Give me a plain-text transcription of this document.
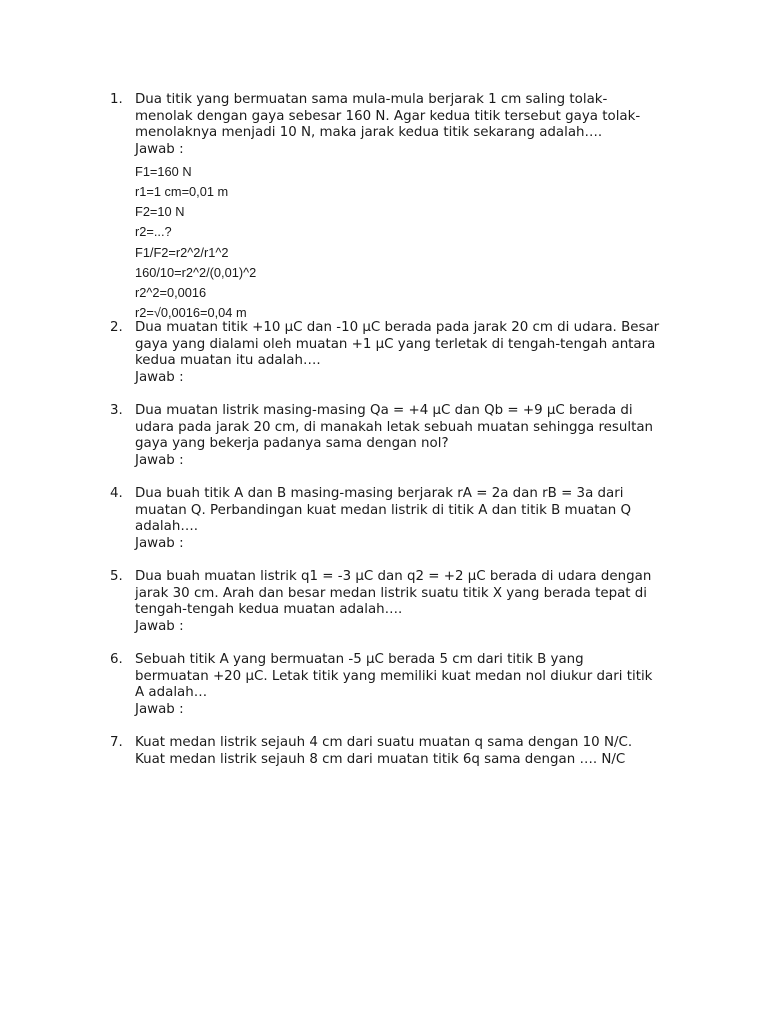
1. Dua titik yang bermuatan sama mula-mula berjarak 1 cm saling tolak-
menolak dengan gaya sebesar 160 N. Agar kedua titik tersebut gaya tolak-
menolaknya menjadi 10 N, maka jarak kedua titik sekarang adalah….
Jawab :
F1=160 N
r1=1 cm=0,01 m
F2=10 N
r2=...?
F1/F2=r2^2/r1^2
160/10=r2^2/(0,01)^2
r2^2=0,0016
r2=√0,0016=0,04 m
2. Dua muatan titik +10 μC dan -10 μC berada pada jarak 20 cm di udara. Besar
gaya yang dialami oleh muatan +1 μC yang terletak di tengah-tengah antara
kedua muatan itu adalah….
Jawab :
3. Dua muatan listrik masing-masing Qa = +4 μC dan Qb = +9 μC berada di
udara pada jarak 20 cm, di manakah letak sebuah muatan sehingga resultan
gaya yang bekerja padanya sama dengan nol?
Jawab :
4. Dua buah titik A dan B masing-masing berjarak rA = 2a dan rB = 3a dari
muatan Q. Perbandingan kuat medan listrik di titik A dan titik B muatan Q
adalah….
Jawab :
5. Dua buah muatan listrik q1 = -3 μC dan q2 = +2 μC berada di udara dengan
jarak 30 cm. Arah dan besar medan listrik suatu titik X yang berada tepat di
tengah-tengah kedua muatan adalah….
Jawab :
6. Sebuah titik A yang bermuatan -5 μC berada 5 cm dari titik B yang
bermuatan +20 μC. Letak titik yang memiliki kuat medan nol diukur dari titik
A adalah…
Jawab :
7. Kuat medan listrik sejauh 4 cm dari suatu muatan q sama dengan 10 N/C.
Kuat medan listrik sejauh 8 cm dari muatan titik 6q sama dengan …. N/C
